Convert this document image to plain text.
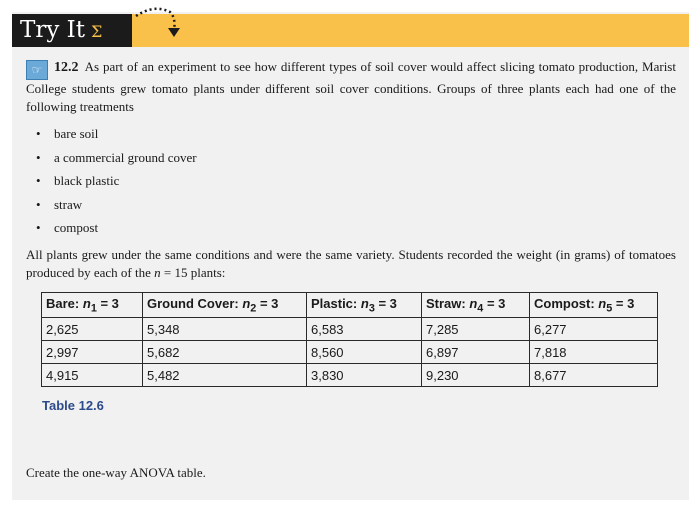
Try It Σ

☞ 12.2 As part of an experiment to see how different types of soil cover would affect slicing tomato production, Marist College students grew tomato plants under different soil cover conditions. Groups of three plants each had one of the following treatments

• bare soil
• a commercial ground cover
• black plastic
• straw
• compost

All plants grew under the same conditions and were the same variety. Students recorded the weight (in grams) of tomatoes produced by each of the n = 15 plants:

Bare: $n_1 = 3$	Ground Cover: $n_2 = 3$	Plastic: $n_3 = 3$	Straw: $n_4 = 3$	Compost: $n_5 = 3$
2,625	5,348	6,583	7,285	6,277
2,997	5,682	8,560	6,897	7,818
4,915	5,482	3,830	9,230	8,677
Table 12.6
Create the one-way ANOVA table.
